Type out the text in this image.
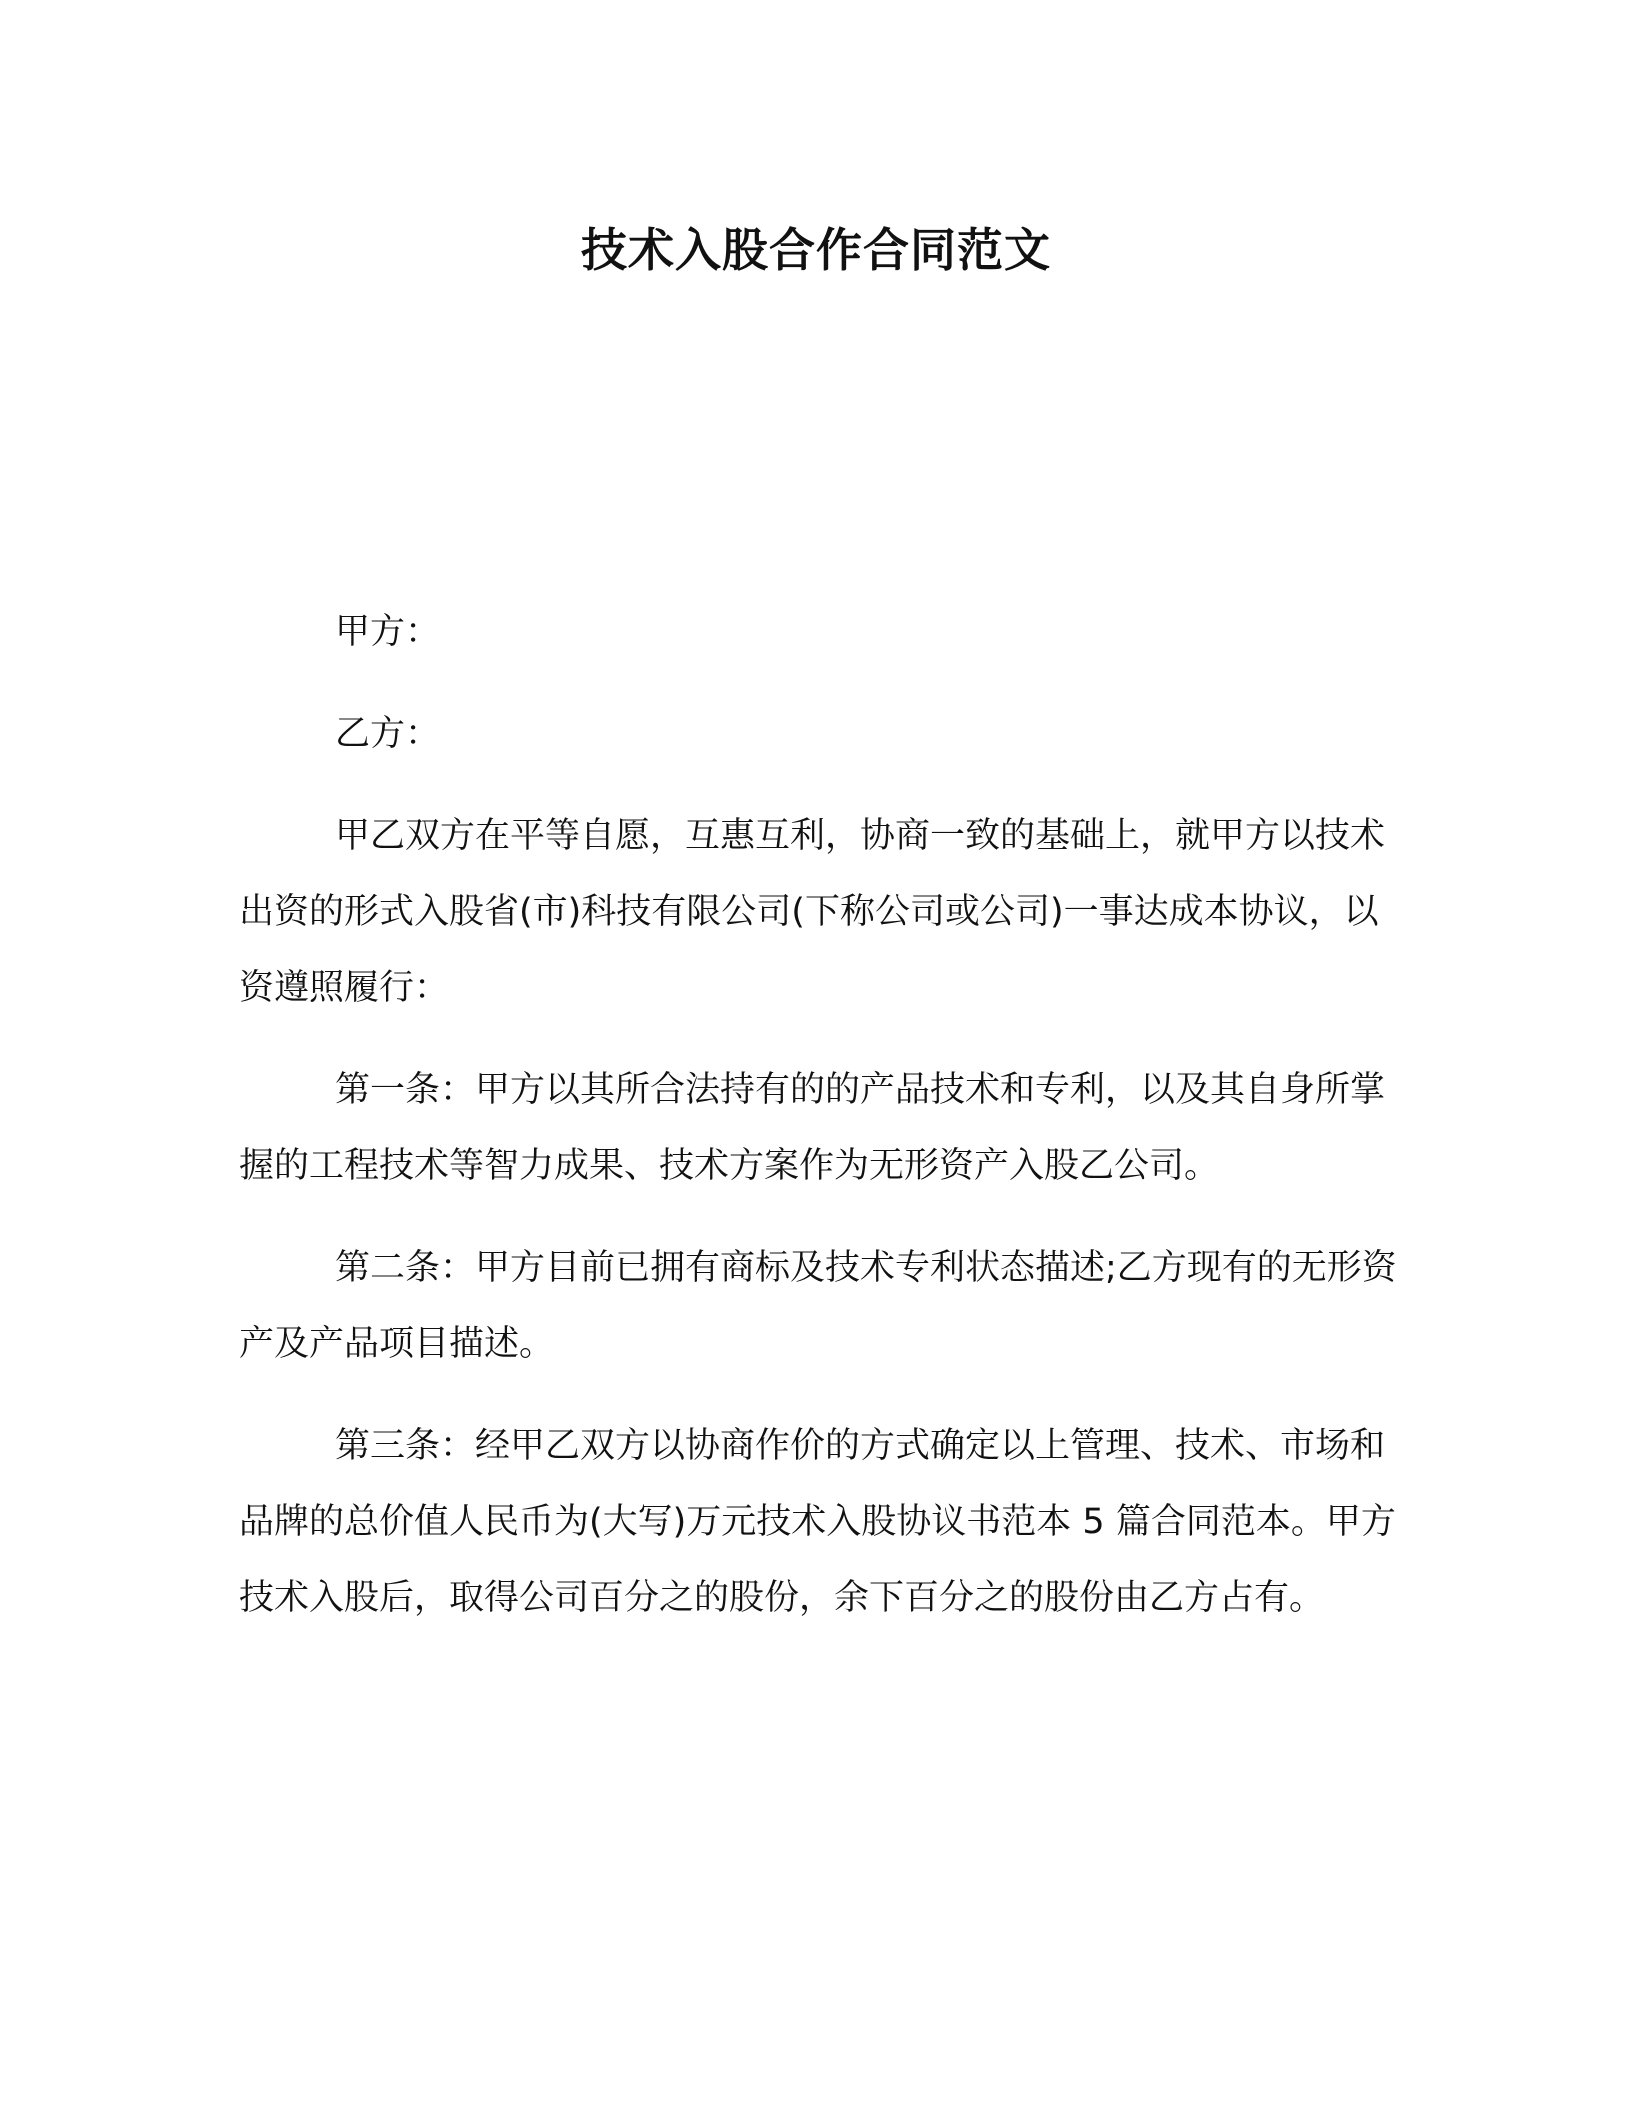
技术入股合作合同范文

甲方：

乙方：

甲乙双方在平等自愿，互惠互利，协商一致的基础上，就甲方以技术出资的形式入股省(市)科技有限公司(下称公司或公司)一事达成本协议，以资遵照履行：

第一条：甲方以其所合法持有的的产品技术和专利，以及其自身所掌握的工程技术等智力成果、技术方案作为无形资产入股乙公司。

第二条：甲方目前已拥有商标及技术专利状态描述;乙方现有的无形资产及产品项目描述。

第三条：经甲乙双方以协商作价的方式确定以上管理、技术、市场和品牌的总价值人民币为(大写)万元技术入股协议书范本 5 篇合同范本。甲方技术入股后，取得公司百分之的股份，余下百分之的股份由乙方占有。
